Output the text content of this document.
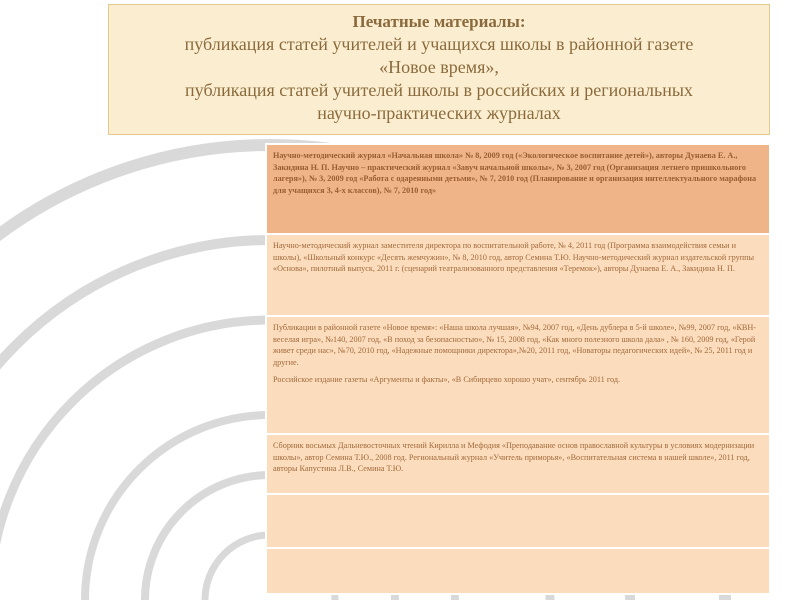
Печатные материалы:
публикация статей учителей и учащихся школы в районной газете
«Новое время»,
публикация статей учителей школы в российских и региональных
научно-практических журналах

Научно-методический журнал «Начальная школа» № 8, 2009 год («Экологическое воспитание детей»), авторы Дунаева Е. А., Закидина Н. П. Научно – практический журнал «Завуч начальной школы», № 3, 2007 год (Организация летнего пришкольного лагеря»), № 3, 2009 год «Работа с одаренными детьми», № 7, 2010 год (Планирование и организация интеллектуального марафона для учащихся 3, 4-х классов), № 7, 2010 год»

Научно-методический журнал заместителя директора по воспитательной работе, № 4, 2011 год (Программа взаимодействия семьи и школы), «Школьный конкурс «Десять жемчужин», № 8, 2010 год, автор Семина Т.Ю. Научно-методический журнал издательской группы «Основа», пилотный выпуск, 2011 г. (сценарий театрализованного представления «Теремок»), авторы Дунаева Е. А., Закидина Н. П.

Публикации в районной газете «Новое время»: «Наша школа лучшая», №94, 2007 год, «День дублера в 5-й школе», №99, 2007 год, «КВН-веселая игра», №140, 2007 год, «В поход за безопасностью», № 15, 2008 год, «Как много полезного школа дала» , № 160, 2009 год, «Герой живет среди нас», №70, 2010 год, «Надежные помощники директора»,№20, 2011 год, «Новаторы педагогических идей», № 25, 2011 год и другие.

Российское издание газеты «Аргументы и факты», «В Сибирцево хорошо учат», сентябрь 2011 год.

Сборник восьмых Дальневосточных чтений Кирилла и Мефодия «Преподавание основ православной культуры в условиях модернизации школы», автор Семина Т.Ю., 2008 год. Региональный журнал «Учитель приморья», «Воспитательная система в нашей школе», 2011 год, авторы Капустина Л.В., Семина Т.Ю.
